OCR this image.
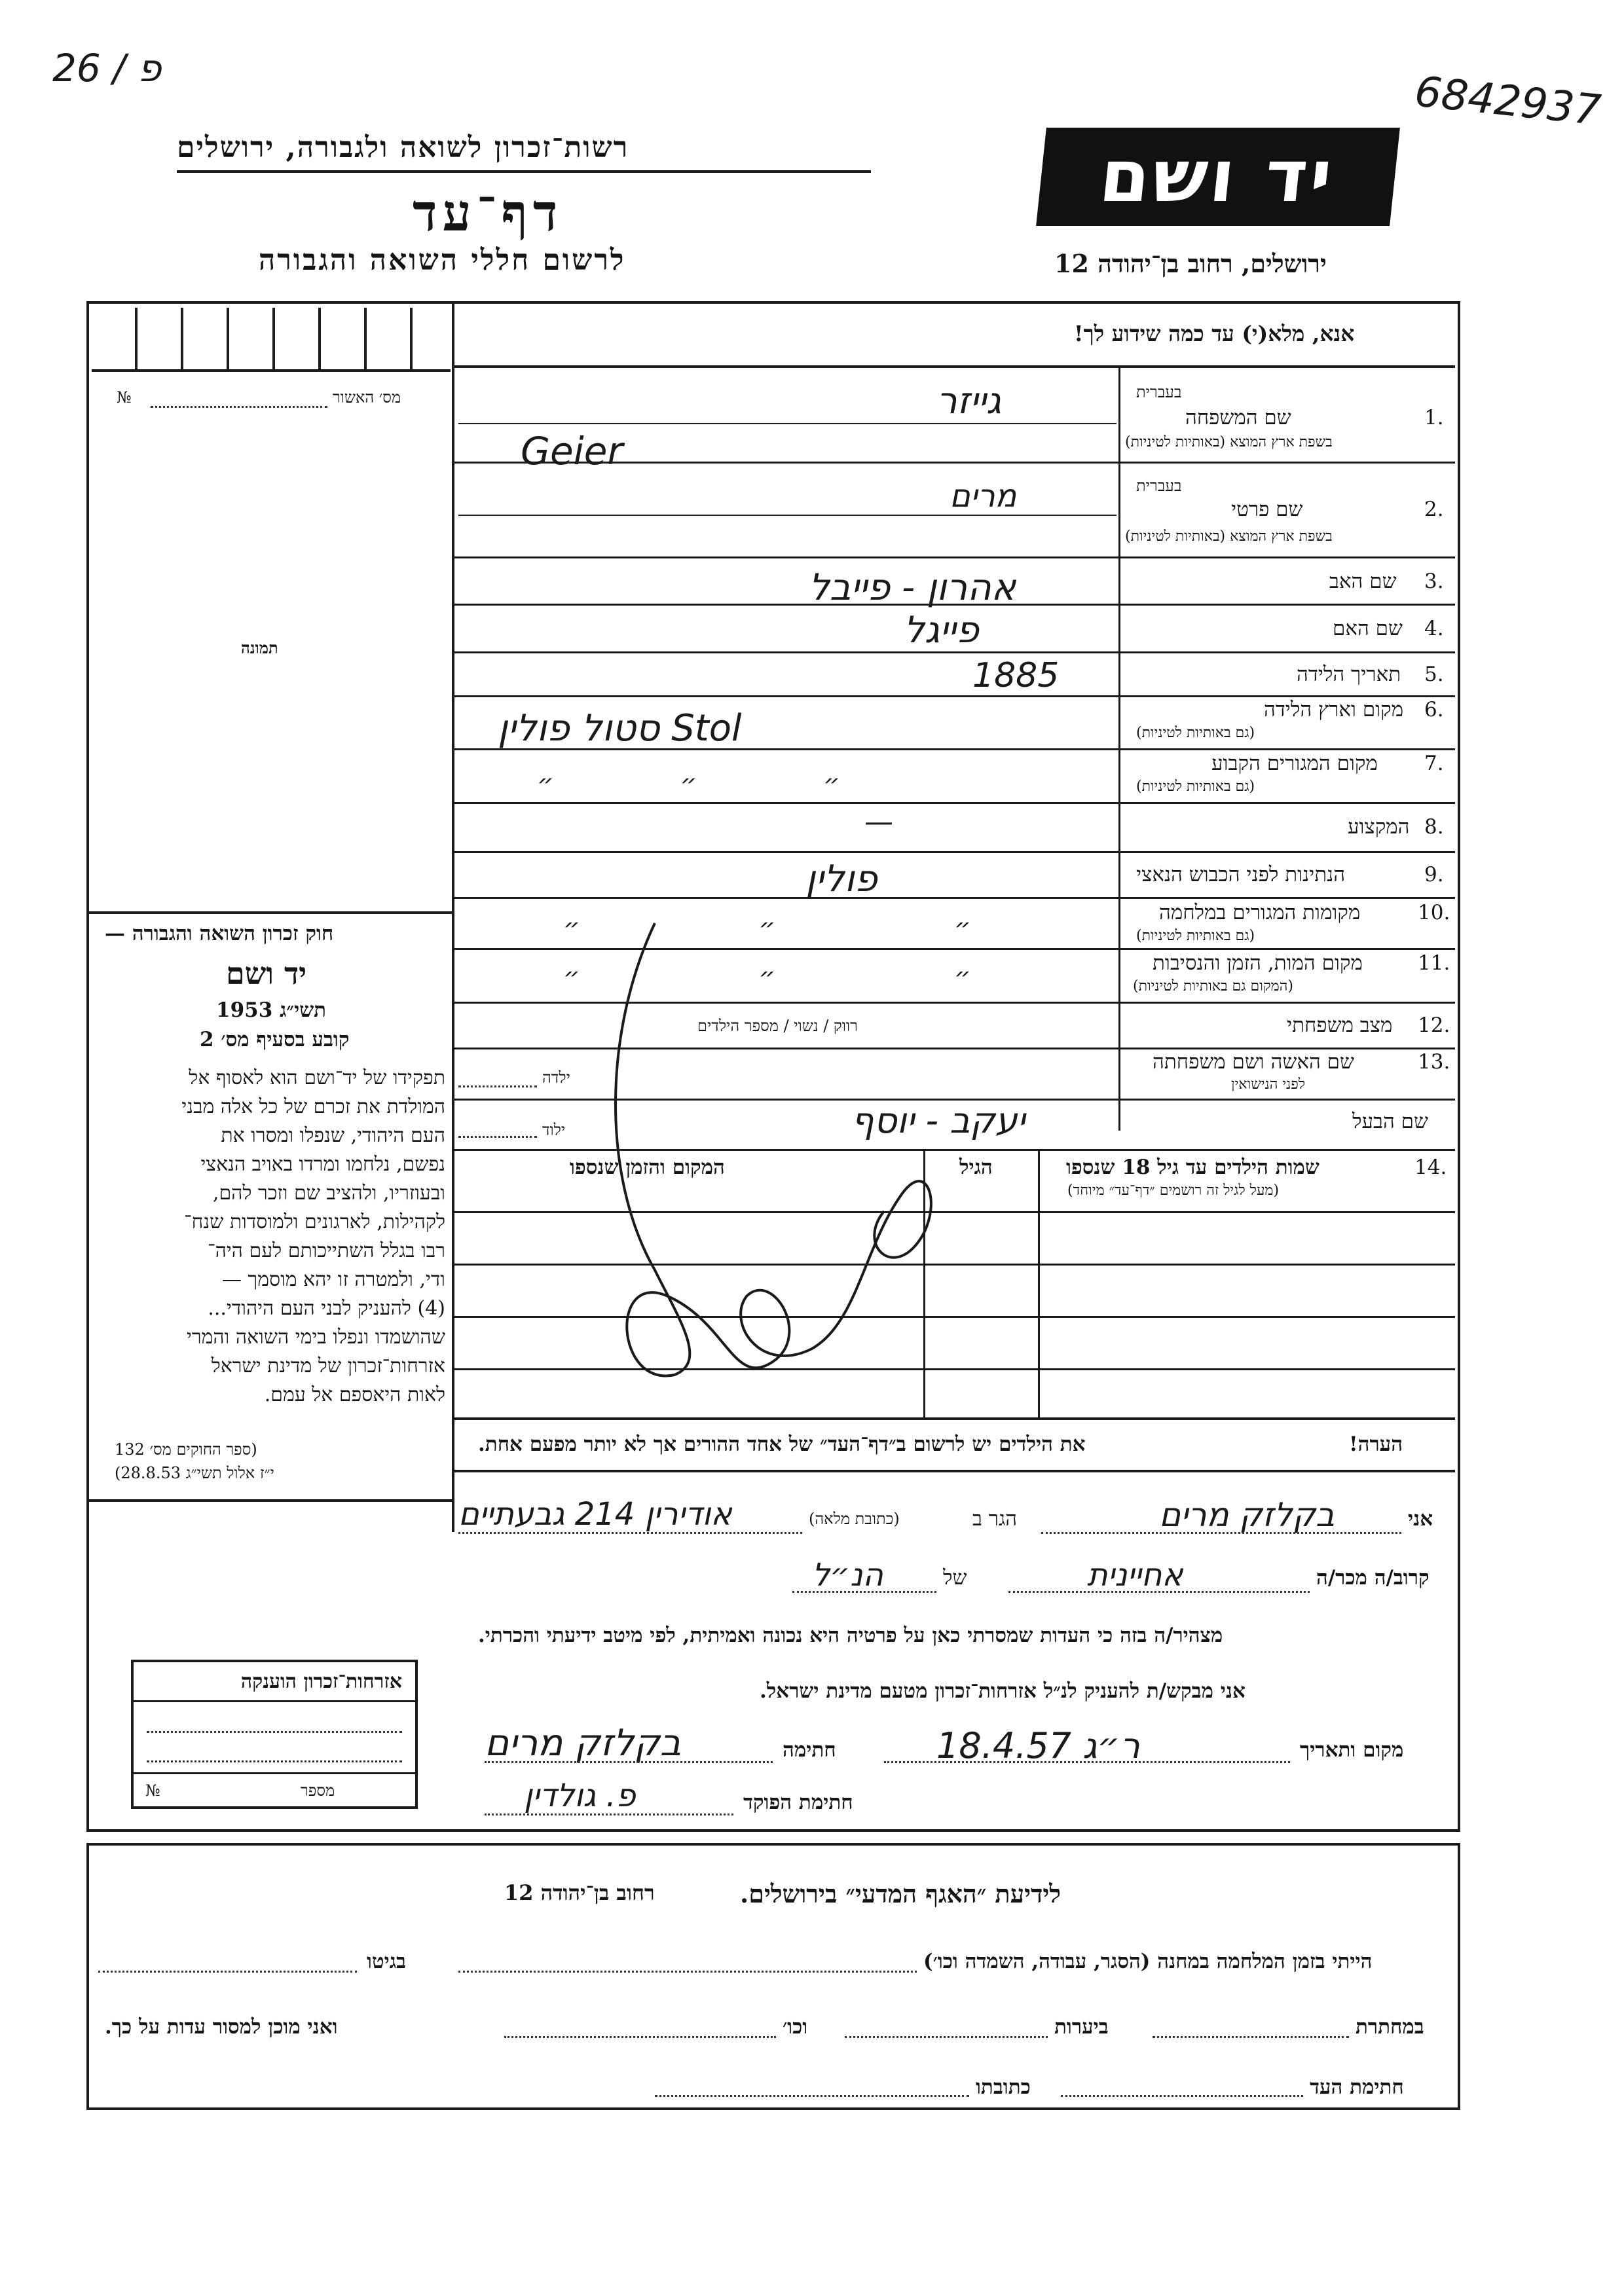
26 / פ	6842937
רשות־זכרון לשואה ולגבורה, ירושלים
דף־עד
לרשום חללי השואה והגבורה
יד ושם
ירושלים, רחוב בן־יהודה 12
אנא, מלא(י) עד כמה שידוע לך!
מס׳ האשור
№
תמונה
חוק זכרון השואה והגבורה —
יד ושם
תשי״ג 1953
קובע בסעיף מס׳ 2
תפקידו של יד־ושם הוא לאסוף אל
המולדת את זכרם של כל אלה מבני
העם היהודי, שנפלו ומסרו את
נפשם, נלחמו ומרדו באויב הנאצי
ובעוזריו, ולהציב שם וזכר להם,
לקהילות, לארגונים ולמוסדות שנח־
רבו בגלל השתייכותם לעם היה־
ודי, ולמטרה זו יהא מוסמך —
(4) להעניק לבני העם היהודי...
שהושמדו ונפלו בימי השואה והמרי
אזרחות־זכרון של מדינת ישראל
לאות היאספם אל עמם.
(ספר החוקים מס׳ 132
י״ז אלול תשי״ג 28.8.53)
אזרחות־זכרון הוענקה
מספר
№
בעברית
שם המשפחה	1.
בשפת ארץ המוצא (באותיות לטיניות)
גייזר
Geier
בעברית
שם פרטי	2.
בשפת ארץ המוצא (באותיות לטיניות)
מרים
שם האב 3.
אהרון - פייבל
שם האם 4.
פייגל
תאריך הלידה 5.
1885
מקום וארץ הלידה 6.
(גם באותיות לטיניות)
סטול פולין Stol
מקום המגורים הקבוע 7.
(גם באותיות לטיניות)
״ ״ ״
המקצוע 8.
—
הנתינות לפני הכבוש הנאצי	9.
פולין
מקומות המגורים במלחמה	10.
(גם באותיות לטיניות)
״ ״ ״
מקום המות, הזמן והנסיבות	11.
(המקום גם באותיות לטיניות)
״ ״ ״
מצב משפחתי 12.
רווק / נשוי / מספר הילדים
שם האשה ושם משפחתה	13.
לפני הנישואין
ילדה
שם הבעל
יעקב - יוסף
ילוד
שמות הילדים עד גיל 18 שנספו	14.
(מעל לגיל זה רושמים ״דף־עד״ מיוחד)
הגיל
המקום והזמן שנספו
הערה!
את הילדים יש לרשום ב״דף־העד״ של אחד ההורים אך לא יותר מפעם אחת.
אני
בקלזק מרים
הגר ב
(כתובת מלאה)
אודירין 214 גבעתיים
קרוב/ה מכר/ה
אחיינית
של
הנ״ל
מצהיר/ה בזה כי העדות שמסרתי כאן על פרטיה היא נכונה ואמיתית, לפי מיטב ידיעתי והכרתי.
אני מבקש/ת להעניק לנ״ל אזרחות־זכרון מטעם מדינת ישראל.
מקום ותאריך
ר״ג 18.4.57
חתימה
בקלזק מרים
חתימת הפוקד
פ. גולדין
לידיעת ״האגף המדעי״ בירושלים.
רחוב בן־יהודה 12
הייתי בזמן המלחמה במחנה (הסגר, עבודה, השמדה וכו׳)
בגיטו
במחתרת
ביערות
וכו׳
ואני מוכן למסור עדות על כך.
חתימת העד
כתובתו
